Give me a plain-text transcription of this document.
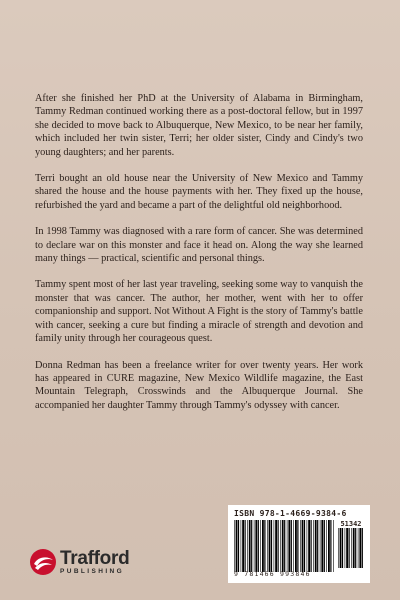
After she finished her PhD at the University of Alabama in Birmingham, Tammy Redman continued working there as a post-doctoral fellow, but in 1997 she decided to move back to Albuquerque, New Mexico, to be near her family, which included her twin sister, Terri; her older sister, Cindy and Cindy's two young daughters; and her parents.

Terri bought an old house near the University of New Mexico and Tammy shared the house and the house payments with her. They fixed up the house, refurbished the yard and became a part of the delightful old neighborhood.

In 1998 Tammy was diagnosed with a rare form of cancer. She was determined to declare war on this monster and face it head on. Along the way she learned many things — practical, scientific and personal things.

Tammy spent most of her last year traveling, seeking some way to vanquish the monster that was cancer. The author, her mother, went with her to offer companionship and support. Not Without A Fight is the story of Tammy's battle with cancer, seeking a cure but finding a miracle of strength and devotion and family unity through her courageous quest.

Donna Redman has been a freelance writer for over twenty years. Her work has appeared in CURE magazine, New Mexico Wildlife magazine, the East Mountain Telegraph, Crosswinds and the Albuquerque Journal. She accompanied her daughter Tammy through Tammy's odyssey with cancer.

Trafford
PUBLISHING
ISBN 978-1-4669-9384-6
51342
9 781466 993846
